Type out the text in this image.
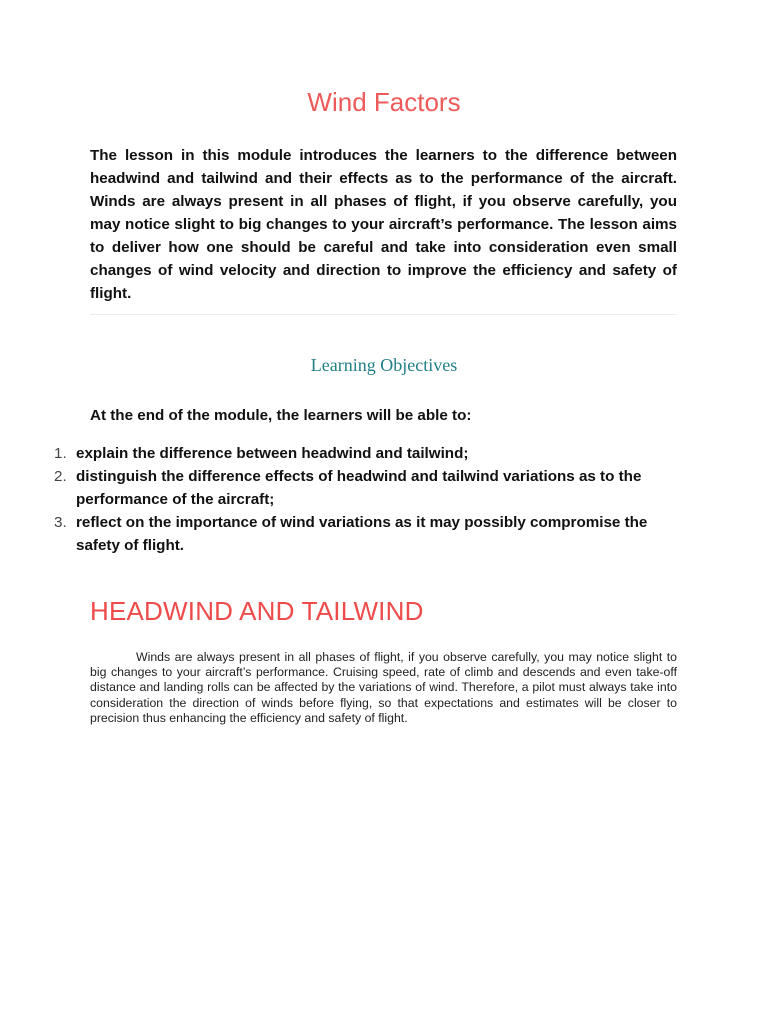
Wind Factors

The lesson in this module introduces the learners to the difference between headwind and tailwind and their effects as to the performance of the aircraft. Winds are always present in all phases of flight, if you observe carefully, you may notice slight to big changes to your aircraft’s performance. The lesson aims to deliver how one should be careful and take into consideration even small changes of wind velocity and direction to improve the efficiency and safety of flight.

Learning Objectives

At the end of the module, the learners will be able to:

1. explain the difference between headwind and tailwind;
2. distinguish the difference effects of headwind and tailwind variations as to the performance of the aircraft;
3. reflect on the importance of wind variations as it may possibly compromise the safety of flight.
HEADWIND AND TAILWIND

Winds are always present in all phases of flight, if you observe carefully, you may notice slight to big changes to your aircraft’s performance. Cruising speed, rate of climb and descends and even take-off distance and landing rolls can be affected by the variations of wind. Therefore, a pilot must always take into consideration the direction of winds before flying, so that expectations and estimates will be closer to precision thus enhancing the efficiency and safety of flight.
